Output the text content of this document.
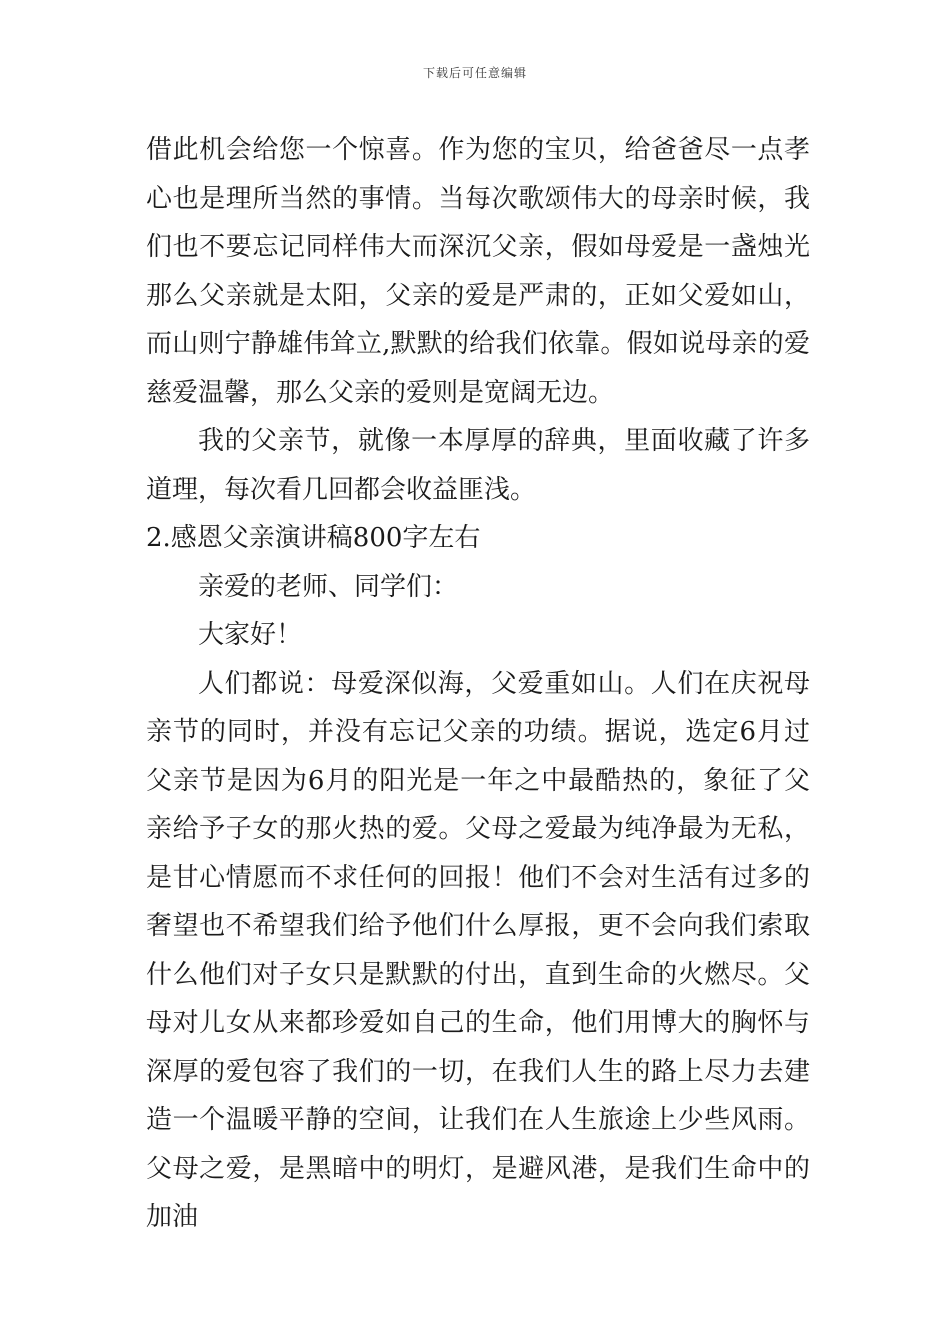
下载后可任意编辑

借此机会给您一个惊喜。作为您的宝贝，给爸爸尽一点孝心也是理所当然的事情。当每次歌颂伟大的母亲时候，我们也不要忘记同样伟大而深沉父亲，假如母爱是一盏烛光那么父亲就是太阳，父亲的爱是严肃的，正如父爱如山，而山则宁静雄伟耸立,默默的给我们依靠。假如说母亲的爱慈爱温馨，那么父亲的爱则是宽阔无边。

我的父亲节，就像一本厚厚的辞典，里面收藏了许多道理，每次看几回都会收益匪浅。

2.感恩父亲演讲稿800字左右

亲爱的老师、同学们：

大家好！

人们都说：母爱深似海，父爱重如山。人们在庆祝母亲节的同时，并没有忘记父亲的功绩。据说，选定6月过父亲节是因为6月的阳光是一年之中最酷热的，象征了父亲给予子女的那火热的爱。父母之爱最为纯净最为无私，是甘心情愿而不求任何的回报！他们不会对生活有过多的奢望也不希望我们给予他们什么厚报，更不会向我们索取什么他们对子女只是默默的付出，直到生命的火燃尽。父母对儿女从来都珍爱如自己的生命，他们用博大的胸怀与深厚的爱包容了我们的一切，在我们人生的路上尽力去建造一个温暖平静的空间，让我们在人生旅途上少些风雨。父母之爱，是黑暗中的明灯，是避风港，是我们生命中的加油
